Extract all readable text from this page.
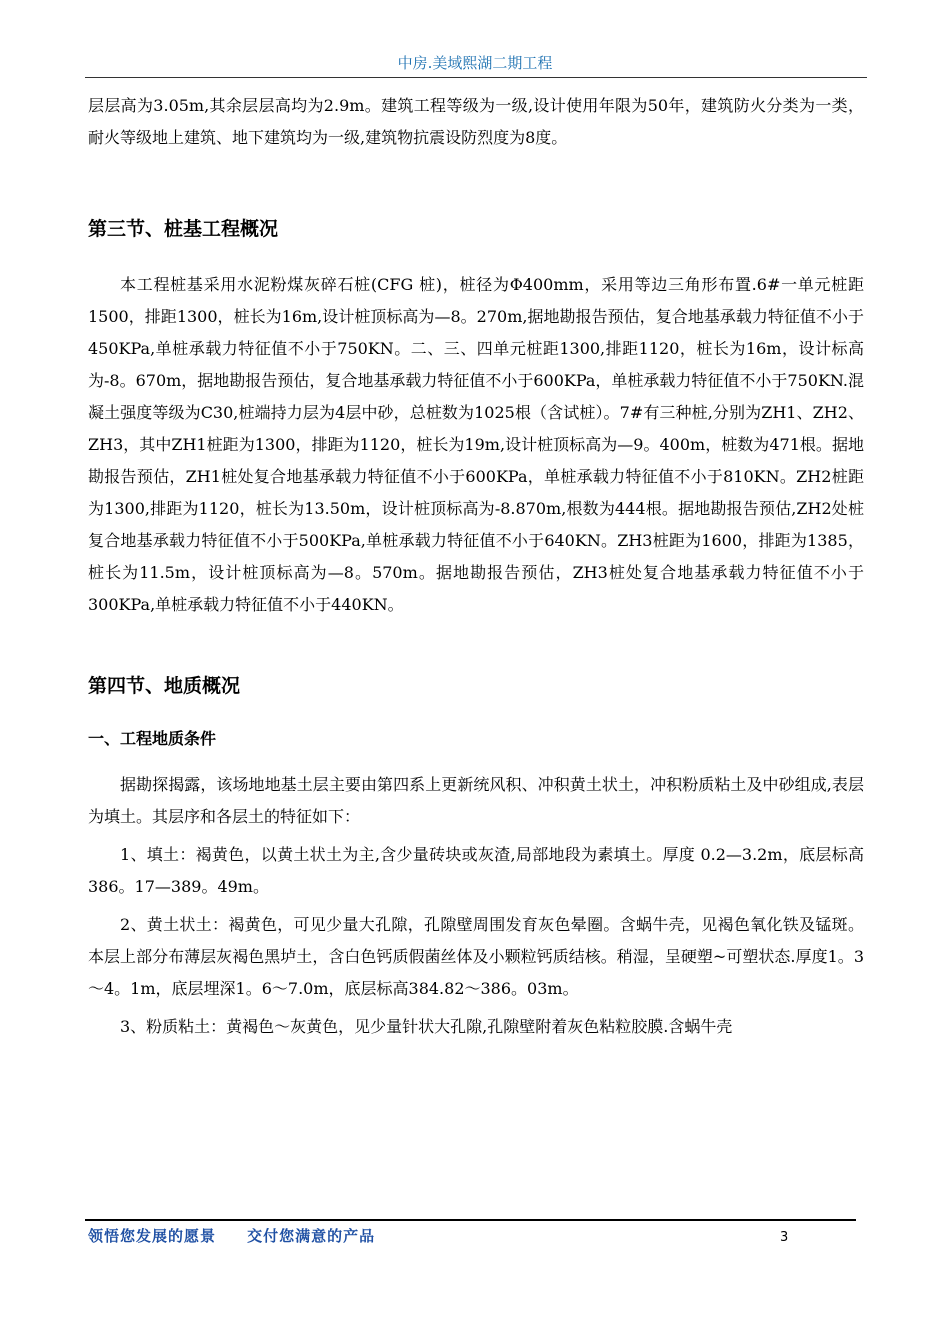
中房.美域熙湖二期工程

层层高为3.05m,其余层层高均为2.9m。建筑工程等级为一级,设计使用年限为50年，建筑防火分类为一类，耐火等级地上建筑、地下建筑均为一级,建筑物抗震设防烈度为8度。

第三节、桩基工程概况

本工程桩基采用水泥粉煤灰碎石桩(CFG 桩)，桩径为Φ400mm，采用等边三角形布置.6#一单元桩距1500，排距1300，桩长为16m,设计桩顶标高为—8。270m,据地勘报告预估，复合地基承载力特征值不小于450KPa,单桩承载力特征值不小于750KN。二、三、四单元桩距1300,排距1120，桩长为16m，设计标高为-8。670m，据地勘报告预估，复合地基承载力特征值不小于600KPa，单桩承载力特征值不小于750KN.混凝土强度等级为C30,桩端持力层为4层中砂，总桩数为1025根（含试桩）。7#有三种桩,分别为ZH1、ZH2、ZH3，其中ZH1桩距为1300，排距为1120，桩长为19m,设计桩顶标高为—9。400m，桩数为471根。据地勘报告预估，ZH1桩处复合地基承载力特征值不小于600KPa，单桩承载力特征值不小于810KN。ZH2桩距为1300,排距为1120，桩长为13.50m，设计桩顶标高为-8.870m,根数为444根。据地勘报告预估,ZH2处桩复合地基承载力特征值不小于500KPa,单桩承载力特征值不小于640KN。ZH3桩距为1600，排距为1385，桩长为11.5m，设计桩顶标高为—8。570m。据地勘报告预估，ZH3桩处复合地基承载力特征值不小于300KPa,单桩承载力特征值不小于440KN。

第四节、地质概况
一、工程地质条件

据勘探揭露，该场地地基土层主要由第四系上更新统风积、冲积黄土状土，冲积粉质粘土及中砂组成,表层为填土。其层序和各层土的特征如下：

1、填土：褐黄色，以黄土状土为主,含少量砖块或灰渣,局部地段为素填土。厚度 0.2—3.2m，底层标高386。17—389。49m。

2、黄土状土：褐黄色，可见少量大孔隙，孔隙壁周围发育灰色晕圈。含蜗牛壳，见褐色氧化铁及锰斑。本层上部分布薄层灰褐色黑垆土，含白色钙质假菌丝体及小颗粒钙质结核。稍湿，呈硬塑~可塑状态.厚度1。3～4。1m，底层埋深1。6～7.0m，底层标高384.82～386。03m。

3、粉质粘土：黄褐色～灰黄色，见少量针状大孔隙,孔隙壁附着灰色粘粒胶膜.含蜗牛壳

领悟您发展的愿景     交付您满意的产品	3
